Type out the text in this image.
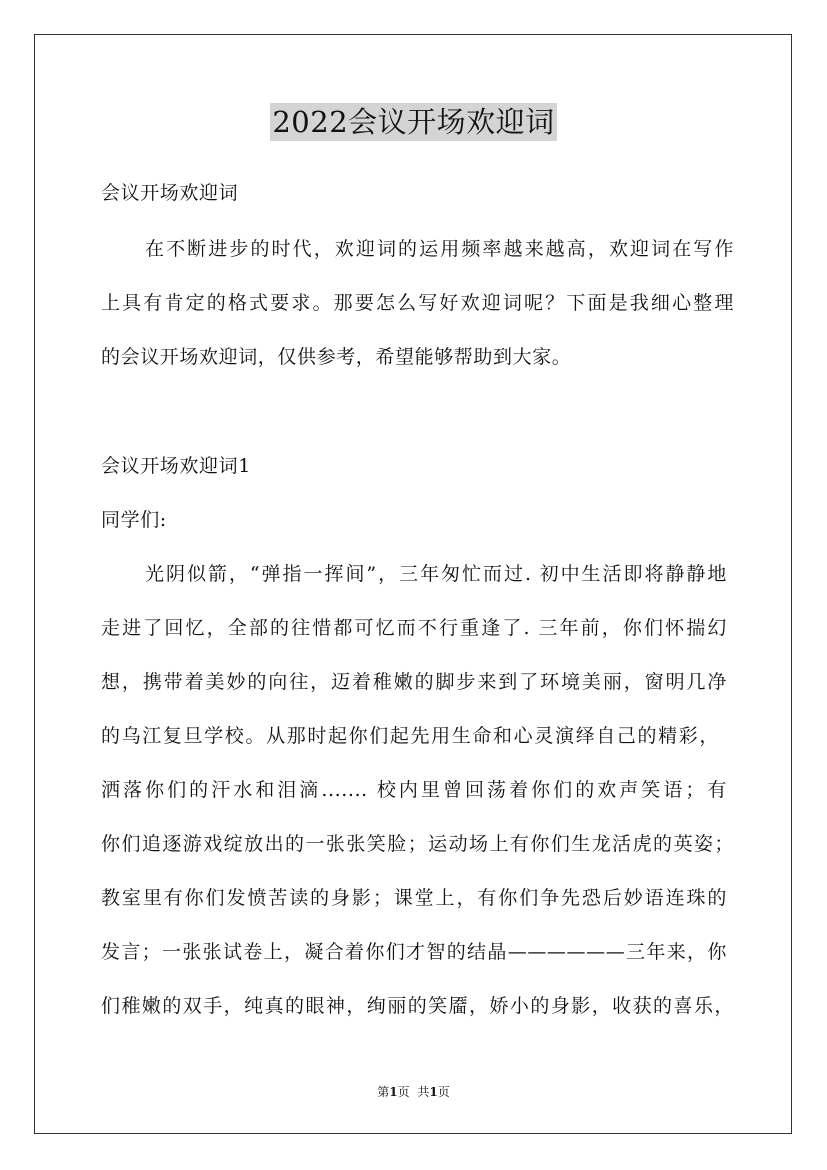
2022会议开场欢迎词
会议开场欢迎词
在不断进步的时代，欢迎词的运用频率越来越高，欢迎词在写作
上具有肯定的格式要求。那要怎么写好欢迎词呢？下面是我细心整理
的会议开场欢迎词，仅供参考，希望能够帮助到大家。
会议开场欢迎词1
同学们:
光阴似箭，“弹指一挥间”，三年匆忙而过. 初中生活即将静静地
走进了回忆，全部的往惜都可忆而不行重逢了. 三年前，你们怀揣幻
想，携带着美妙的向往，迈着稚嫩的脚步来到了环境美丽，窗明几净
的乌江复旦学校。从那时起你们起先用生命和心灵演绎自己的精彩，
洒落你们的汗水和泪滴....... 校内里曾回荡着你们的欢声笑语；有
你们追逐游戏绽放出的一张张笑脸；运动场上有你们生龙活虎的英姿；
教室里有你们发愤苦读的身影；课堂上，有你们争先恐后妙语连珠的
发言；一张张试卷上，凝合着你们才智的结晶——————三年来，你
们稚嫩的双手，纯真的眼神，绚丽的笑靥，娇小的身影，收获的喜乐，
第1页 共1页
